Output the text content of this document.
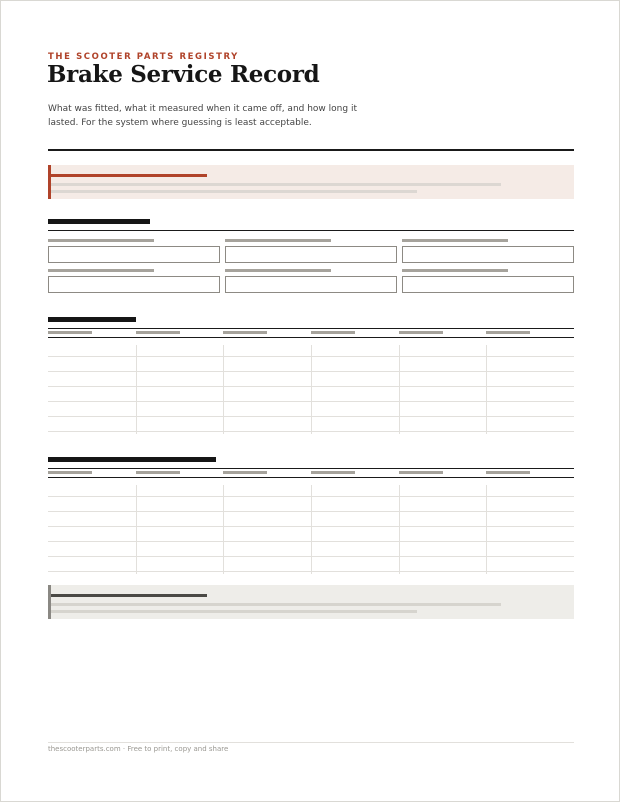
THE SCOOTER PARTS REGISTRY
Brake Service Record
What was fitted, what it measured when it came off, and how long it lasted. For the system where guessing is least acceptable.
thescooterparts.com · Free to print, copy and share
